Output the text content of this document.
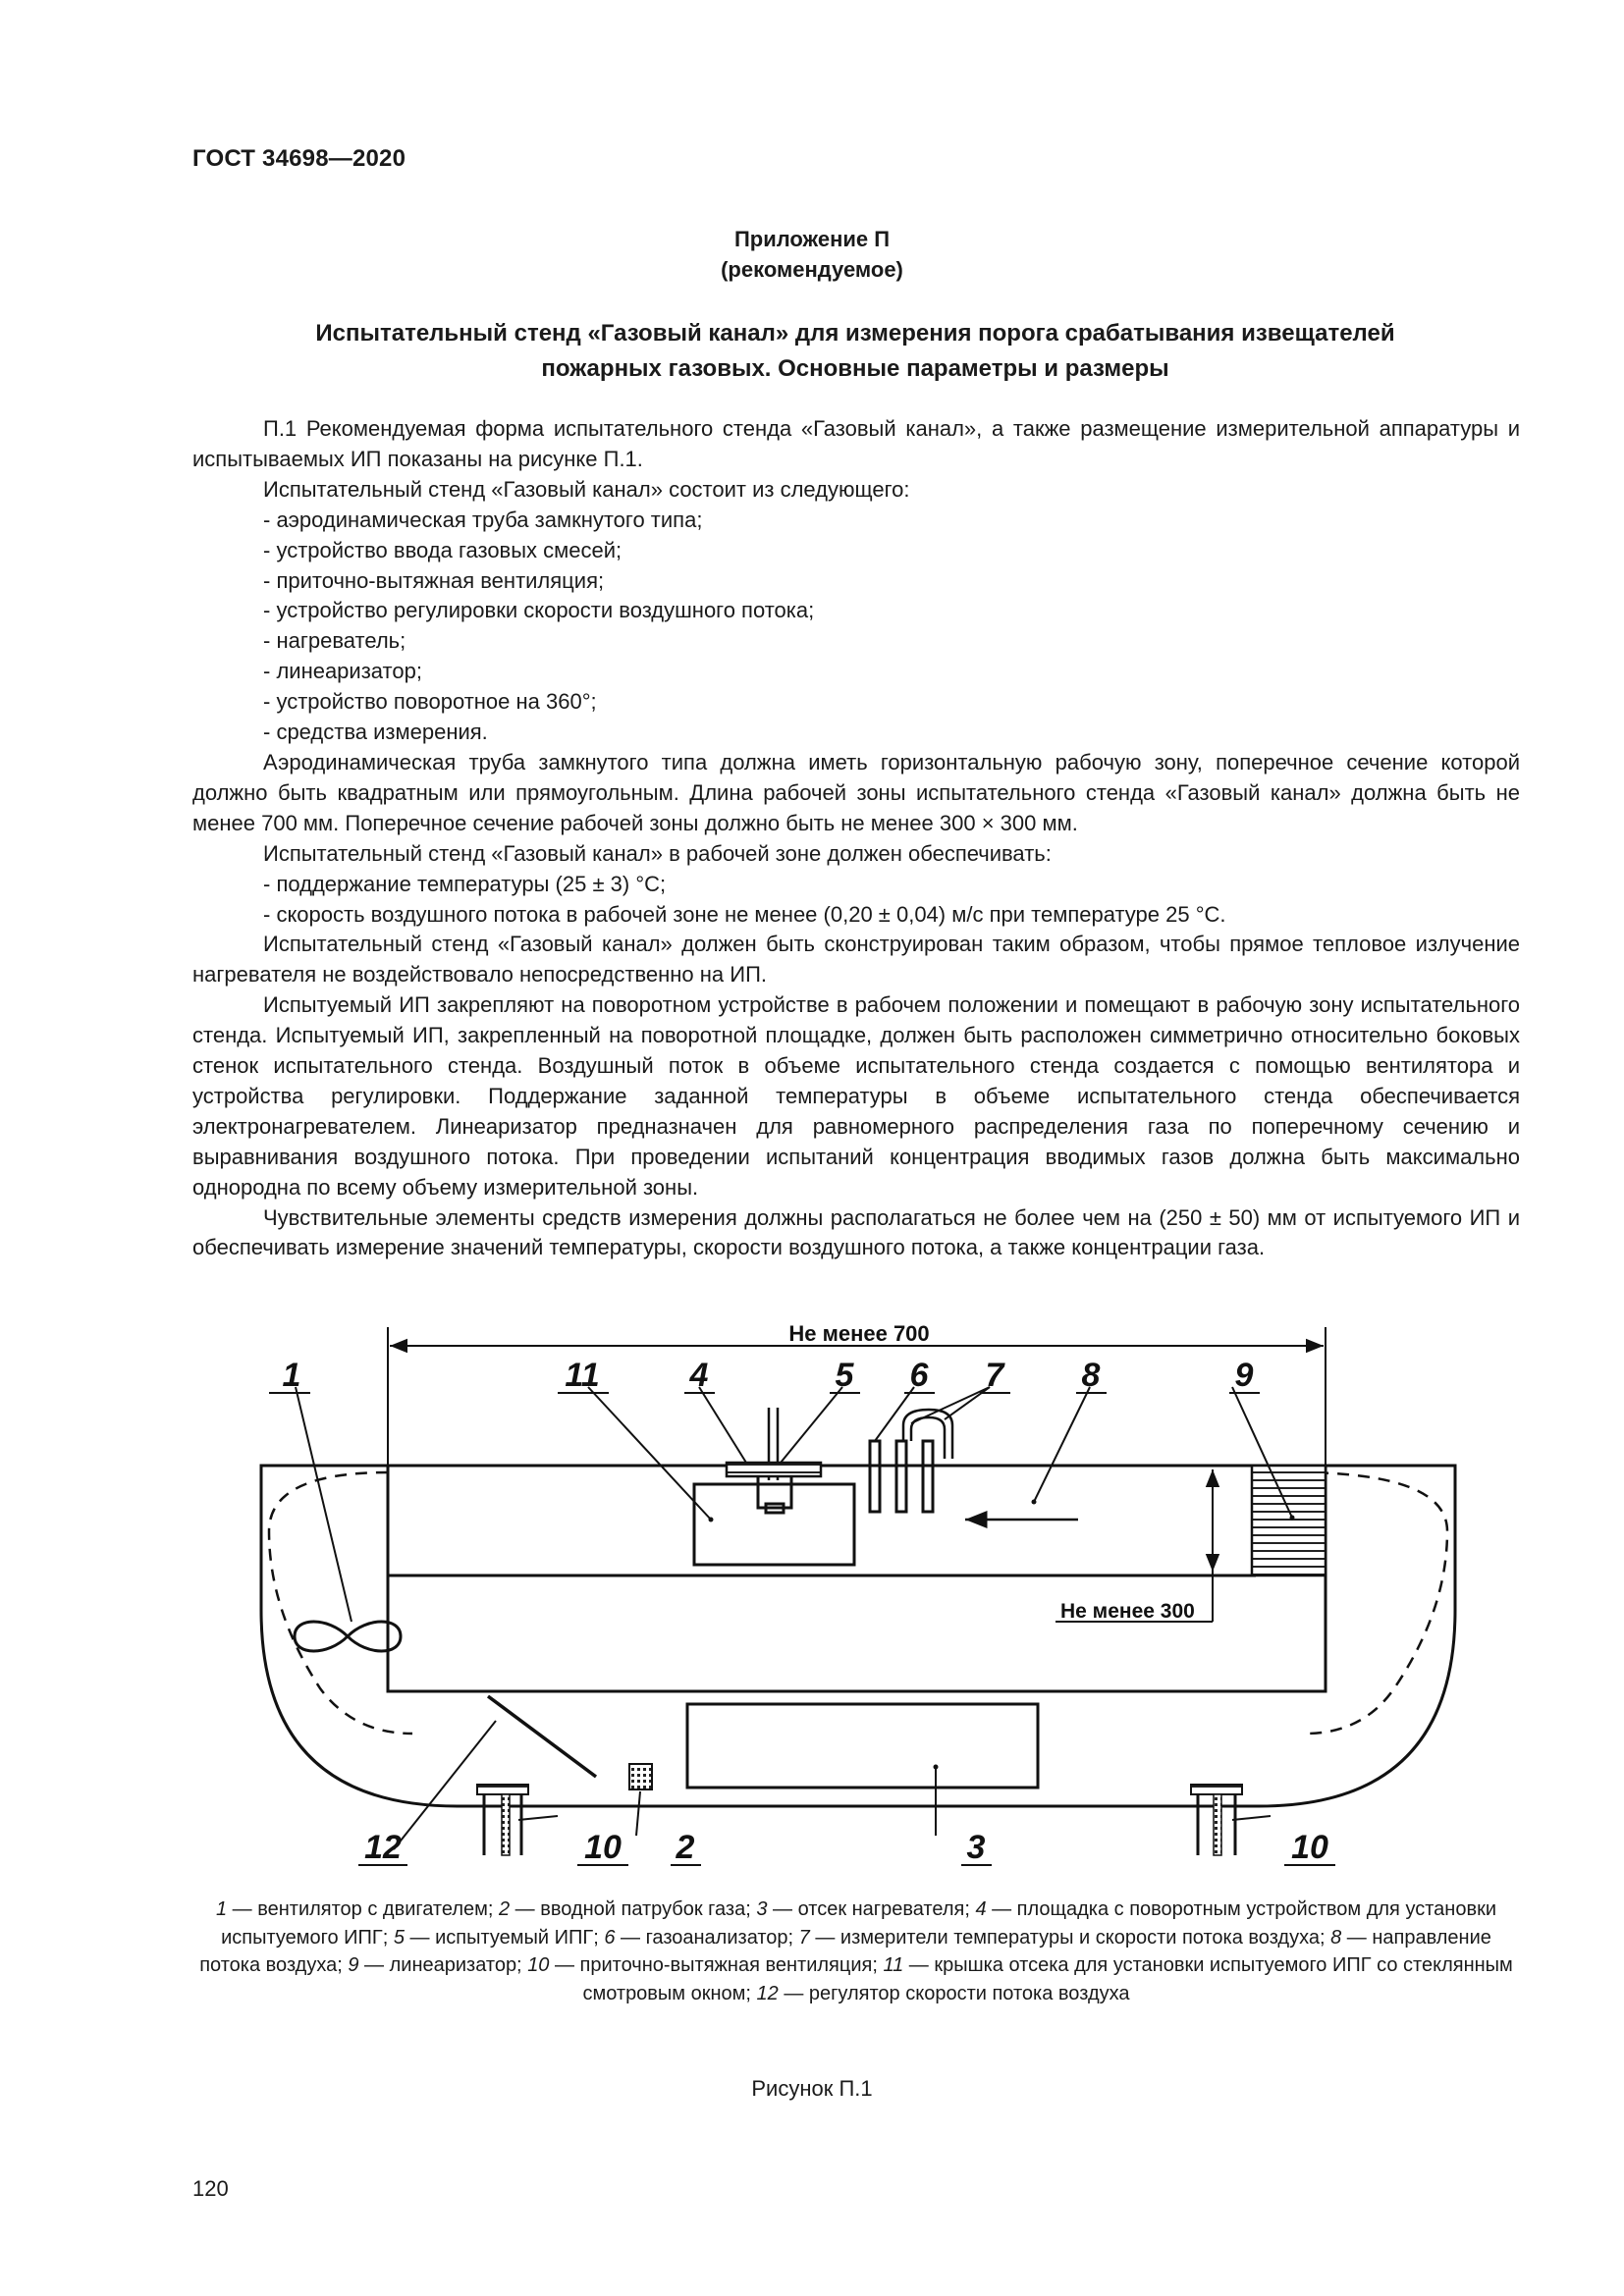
ГОСТ 34698—2020
Приложение П
(рекомендуемое)
Испытательный стенд «Газовый канал» для измерения порога срабатывания извещателей
пожарных газовых. Основные параметры и размеры

П.1 Рекомендуемая форма испытательного стенда «Газовый канал», а также размещение измерительной аппаратуры и испытываемых ИП показаны на рисунке П.1.

Испытательный стенд «Газовый канал» состоит из следующего:

- аэродинамическая труба замкнутого типа;

- устройство ввода газовых смесей;

- приточно-вытяжная вентиляция;

- устройство регулировки скорости воздушного потока;

- нагреватель;

- линеаризатор;

- устройство поворотное на 360°;

- средства измерения.

Аэродинамическая труба замкнутого типа должна иметь горизонтальную рабочую зону, поперечное сечение которой должно быть квадратным или прямоугольным. Длина рабочей зоны испытательного стенда «Газовый канал» должна быть не менее 700 мм. Поперечное сечение рабочей зоны должно быть не менее 300 × 300 мм.

Испытательный стенд «Газовый канал» в рабочей зоне должен обеспечивать:

- поддержание температуры (25 ± 3) °С;

- скорость воздушного потока в рабочей зоне не менее (0,20 ± 0,04) м/с при температуре 25 °С.

Испытательный стенд «Газовый канал» должен быть сконструирован таким образом, чтобы прямое тепловое излучение нагревателя не воздействовало непосредственно на ИП.

Испытуемый ИП закрепляют на поворотном устройстве в рабочем положении и помещают в рабочую зону испытательного стенда. Испытуемый ИП, закрепленный на поворотной площадке, должен быть расположен симметрично относительно боковых стенок испытательного стенда. Воздушный поток в объеме испытательного стенда создается с помощью вентилятора и устройства регулировки. Поддержание заданной температуры в объеме испытательного стенда обеспечивается электронагревателем. Линеаризатор предназначен для равномерного распределения газа по поперечному сечению и выравнивания воздушного потока. При проведении испытаний концентрация вводимых газов должна быть максимально однородна по всему объему измерительной зоны.

Чувствительные элементы средств измерения должны располагаться не более чем на (250 ± 50) мм от испытуемого ИП и обеспечивать измерение значений температуры, скорости воздушного потока, а также концентрации газа.

Не менее 700
Не менее 300
1	11	4	5 6 7 8	9
12	10 2	3	10
1 — вентилятор с двигателем; 2 — вводной патрубок газа; 3 — отсек нагревателя; 4 — площадка с поворотным устройством для установки испытуемого ИПГ; 5 — испытуемый ИПГ; 6 — газоанализатор; 7 — измерители температуры и скорости потока воздуха; 8 — направление потока воздуха; 9 — линеаризатор; 10 — приточно-вытяжная вентиляция; 11 — крышка отсека для установки испытуемого ИПГ со стеклянным смотровым окном; 12 — регулятор скорости потока воздуха
Рисунок П.1
120
